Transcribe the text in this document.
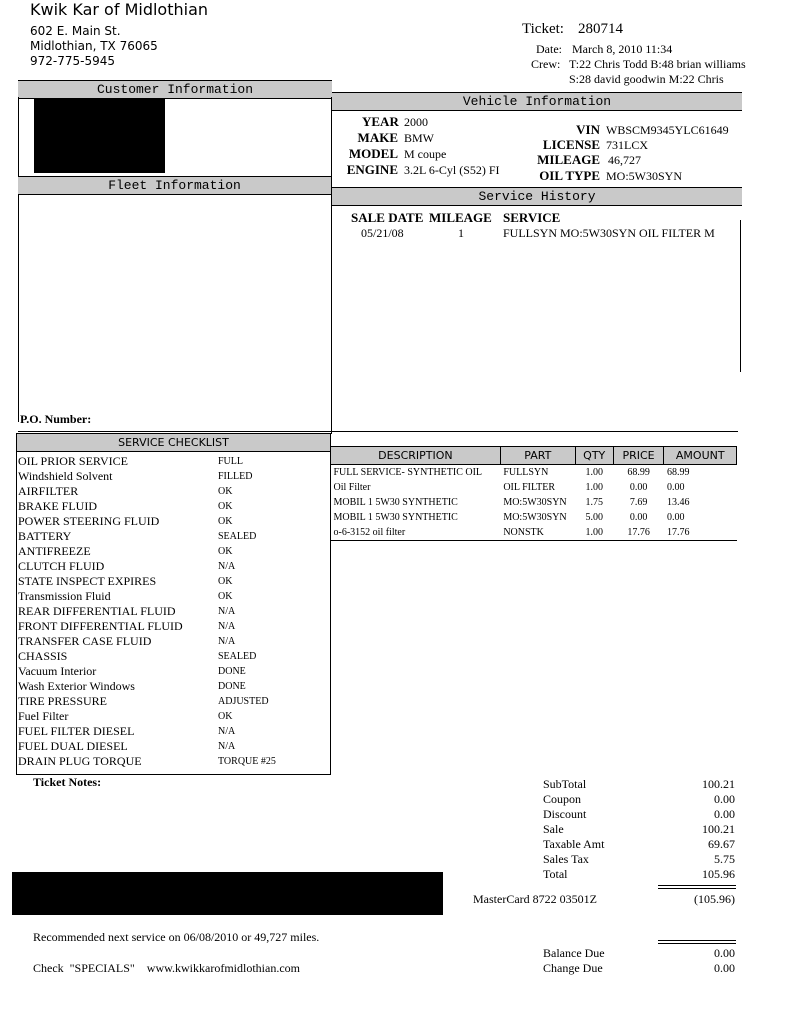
Kwik Kar of Midlothian
602 E. Main St.
Midlothian, TX 76065
972-775-5945
Ticket: 280714
Date: March 8, 2010 11:34
Crew: T:22 Chris Todd B:48 brian williams
S:28 david goodwin M:22 Chris
Customer Information
Vehicle Information
YEAR 2000
MAKE BMW
MODEL M coupe
ENGINE 3.2L 6-Cyl (S52) FI
VIN WBSCM9345YLC61649
LICENSE 731LCX
MILEAGE 46,727
OIL TYPE MO:5W30SYN
Fleet Information
Service History
SALE DATE MILEAGE SERVICE
05/21/08	1	FULLSYN MO:5W30SYN OIL FILTER M
P.O. Number:
SERVICE CHECKLIST
OIL PRIOR SERVICE	FULL
Windshield Solvent	FILLED
AIRFILTER	OK
BRAKE FLUID	OK
POWER STEERING FLUID	OK
BATTERY	SEALED
ANTIFREEZE	OK
CLUTCH FLUID	N/A
STATE INSPECT EXPIRES	OK
Transmission Fluid	OK
REAR DIFFERENTIAL FLUID	N/A
FRONT DIFFERENTIAL FLUID	N/A
TRANSFER CASE FLUID	N/A
CHASSIS	SEALED
Vacuum Interior	DONE
Wash Exterior Windows	DONE
TIRE PRESSURE	ADJUSTED
Fuel Filter	OK
FUEL FILTER DIESEL	N/A
FUEL DUAL DIESEL	N/A
DRAIN PLUG TORQUE	TORQUE #25
DESCRIPTION	PART	QTY	PRICE	AMOUNT
FULL SERVICE- SYNTHETIC OIL	FULLSYN	1.00	68.99	68.99
Oil Filter	OIL FILTER	1.00	0.00	0.00
MOBIL 1 5W30 SYNTHETIC	MO:5W30SYN	1.75	7.69	13.46
MOBIL 1 5W30 SYNTHETIC	MO:5W30SYN	5.00	0.00	0.00
o-6-3152 oil filter	NONSTK	1.00	17.76	17.76
Ticket Notes:	SubTotal	100.21
Coupon	0.00
Discount	0.00
Sale	100.21
Taxable Amt	69.67
Sales Tax	5.75
Total	105.96
MasterCard 8722 03501Z	(105.96)
Balance Due	0.00
Change Due	0.00
Recommended next service on 06/08/2010 or 49,727 miles.
Check  "SPECIALS"    www.kwikkarofmidlothian.com
